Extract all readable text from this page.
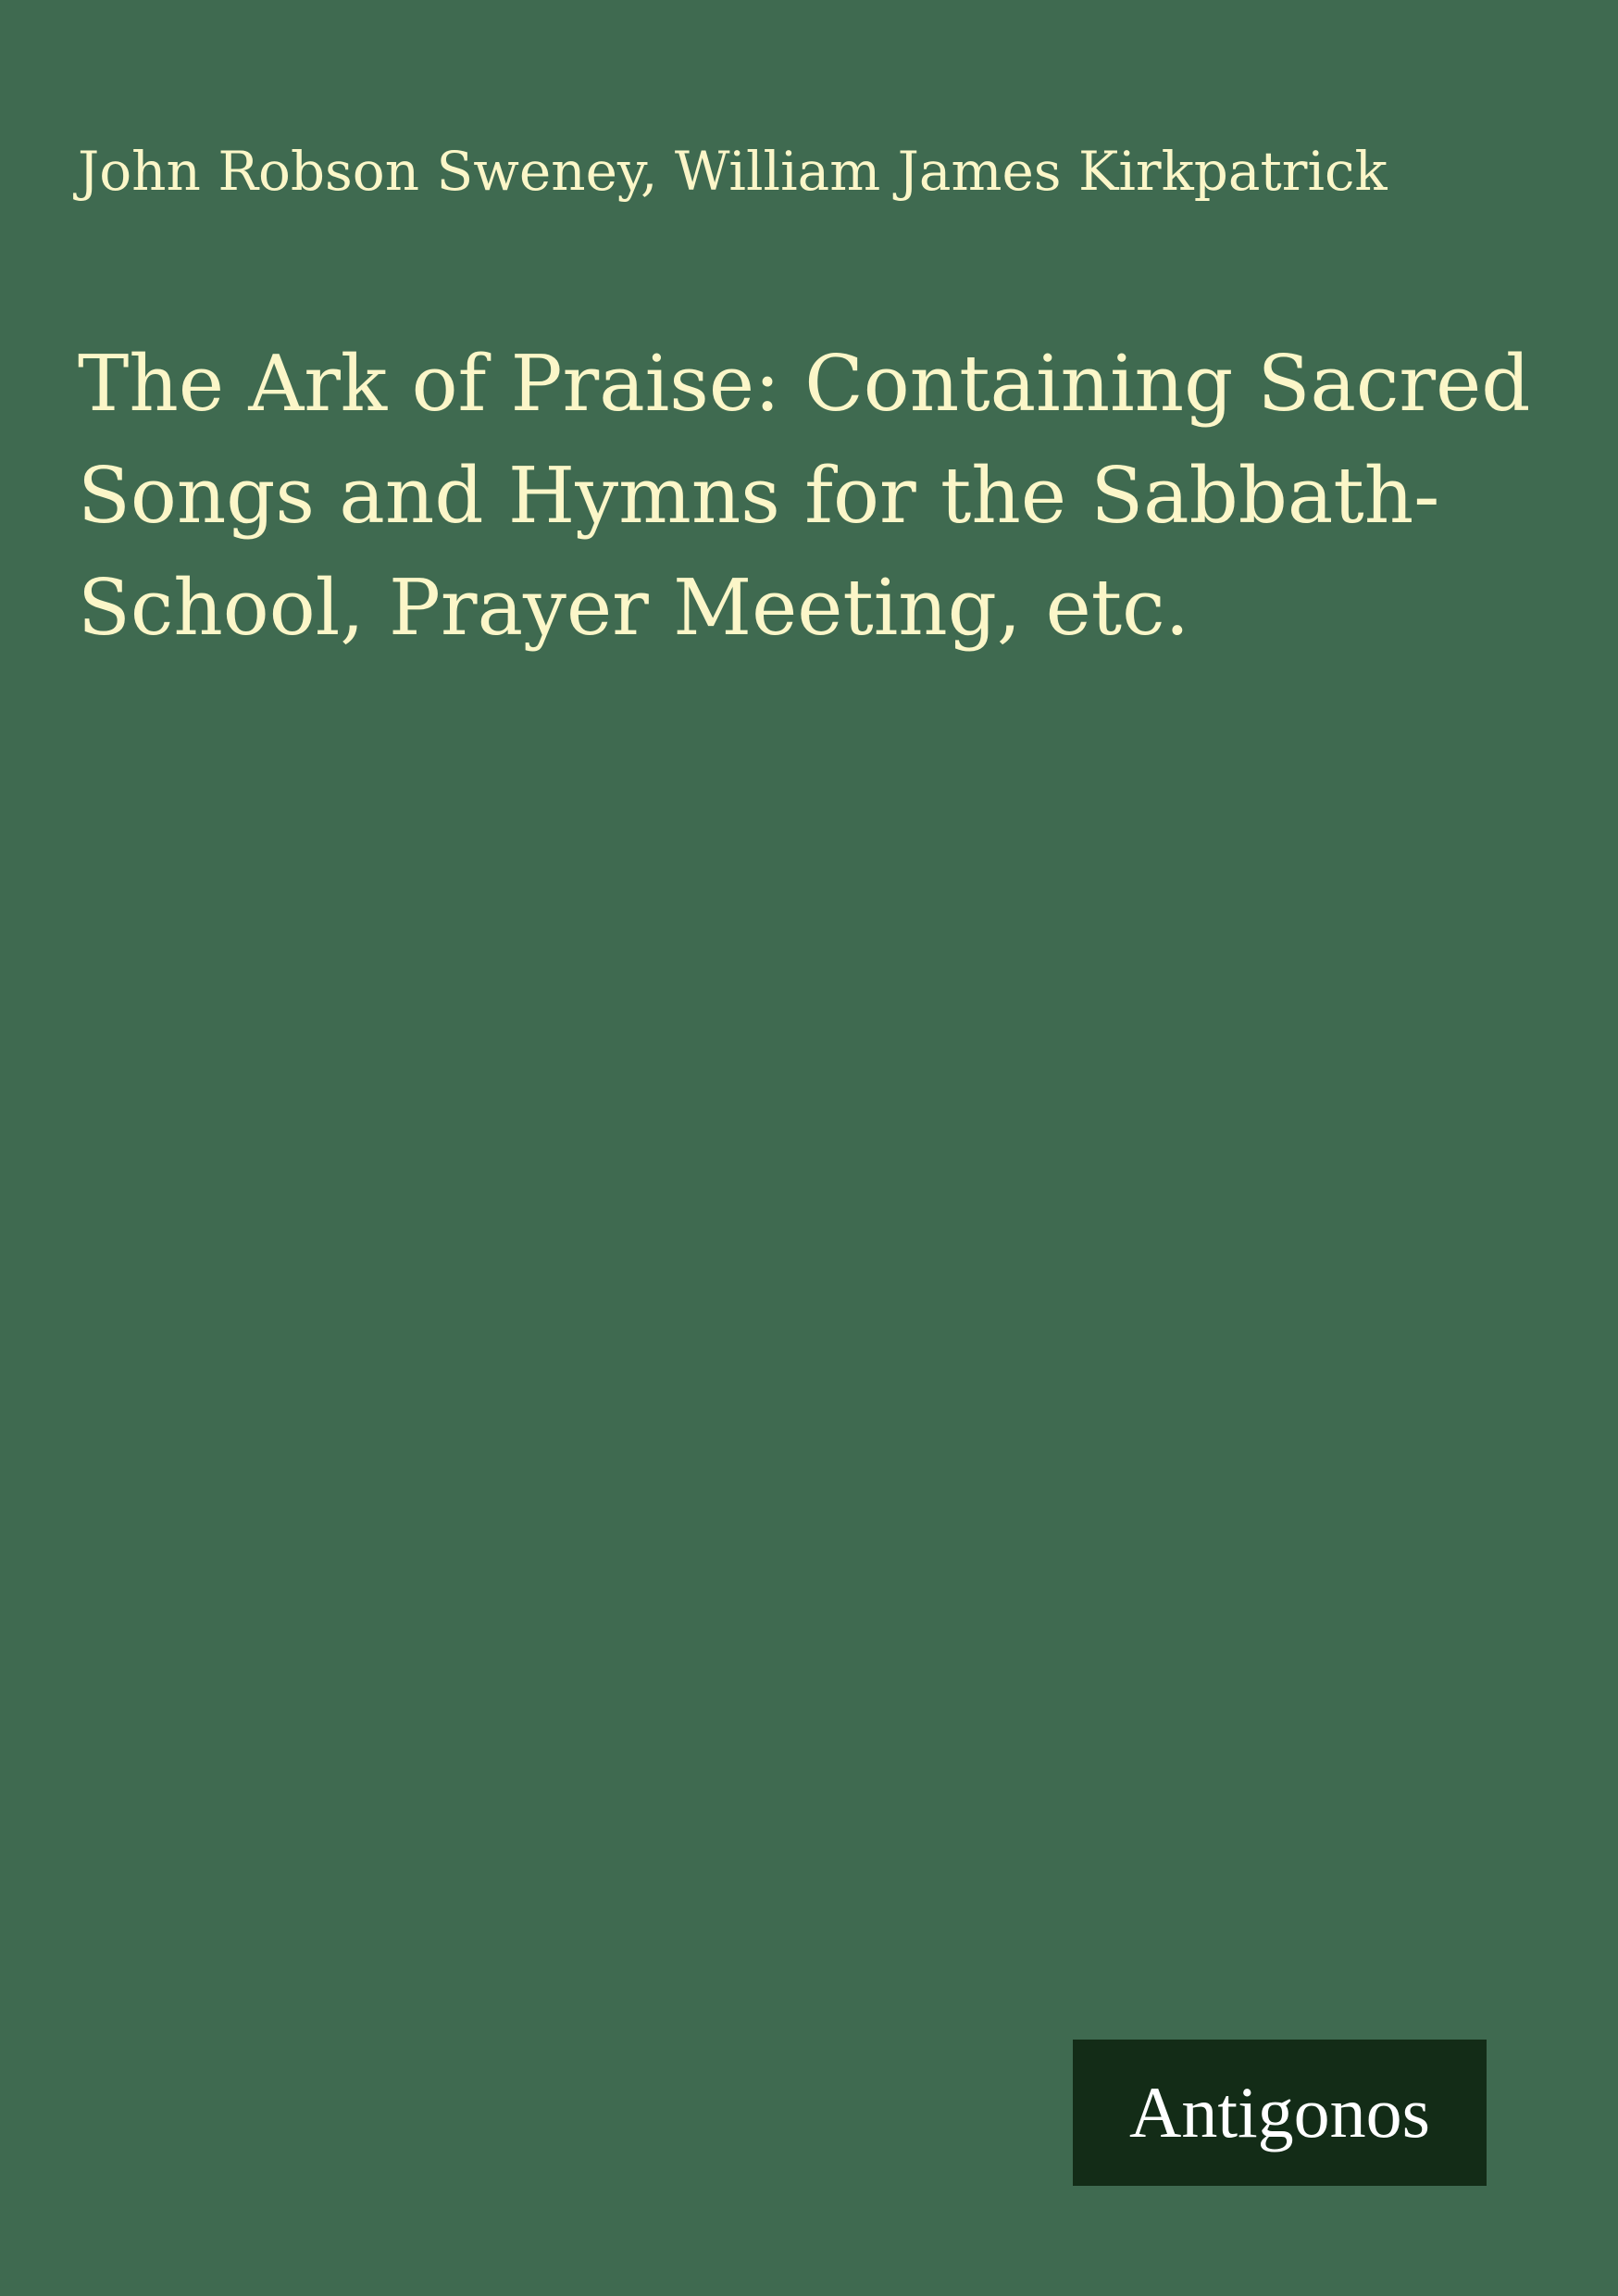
John Robson Sweney, William James Kirkpatrick
The Ark of Praise: Containing Sacred Songs and Hymns for the Sabbath-School, Prayer Meeting, etc.
Antigonos
